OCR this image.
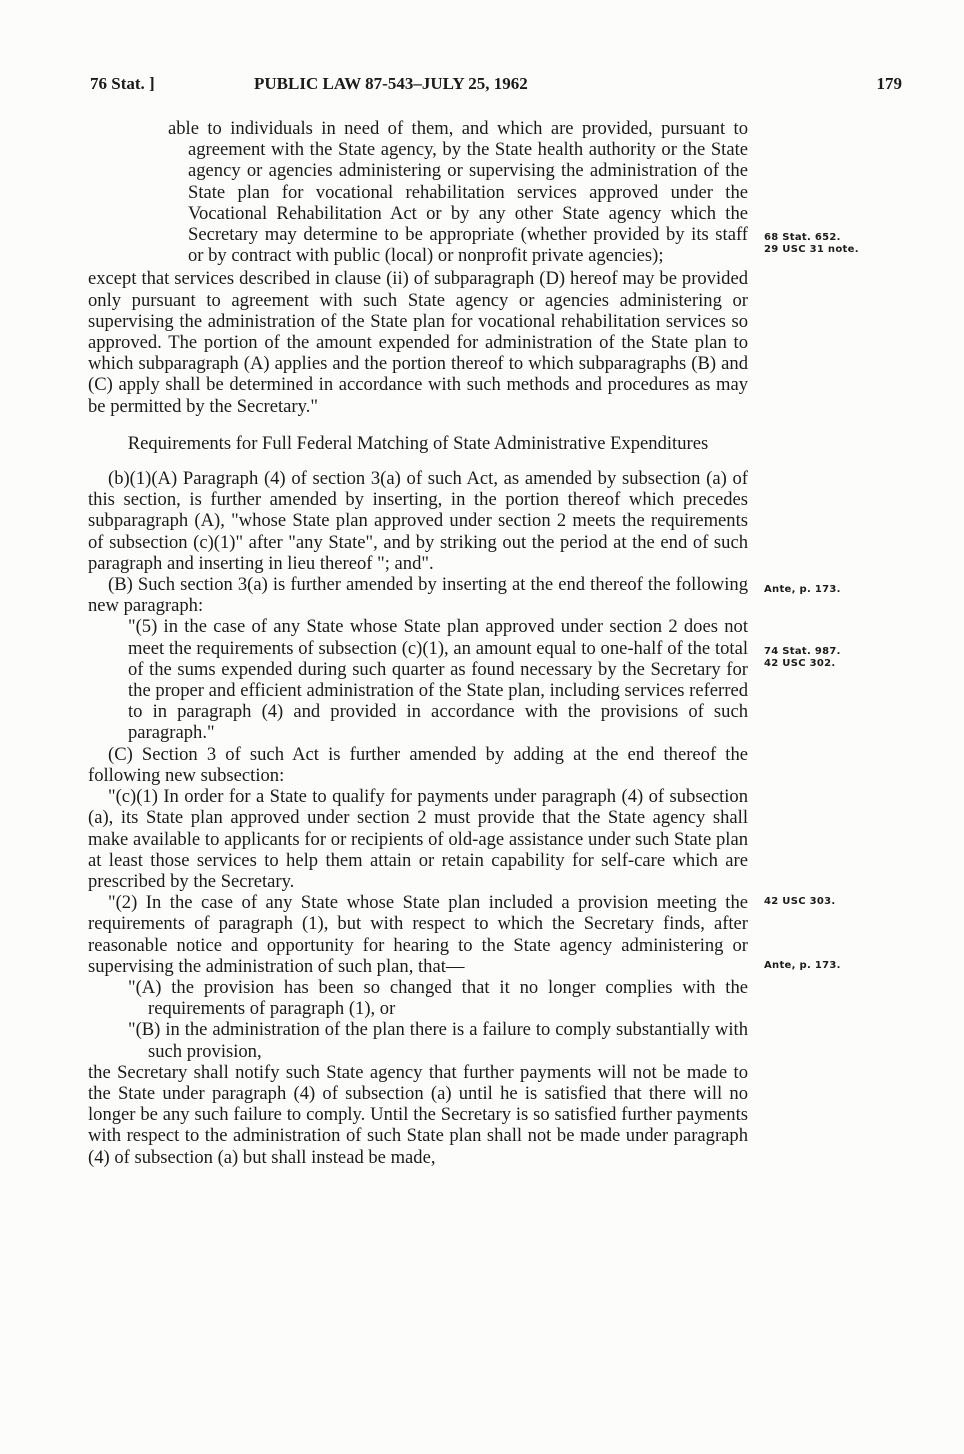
76 Stat. ]	PUBLIC LAW 87-543–JULY 25, 1962	179

able to individuals in need of them, and which are provided, pursuant to agreement with the State agency, by the State health authority or the State agency or agencies administering or supervising the administration of the State plan for vocational rehabilitation services approved under the Vocational Rehabilitation Act or by any other State agency which the Secretary may determine to be appropriate (whether provided by its staff or by contract with public (local) or nonprofit private agencies);

except that services described in clause (ii) of subparagraph (D) hereof may be provided only pursuant to agreement with such State agency or agencies administering or supervising the administration of the State plan for vocational rehabilitation services so approved. The portion of the amount expended for administration of the State plan to which subparagraph (A) applies and the portion thereof to which subparagraphs (B) and (C) apply shall be determined in accordance with such methods and procedures as may be permitted by the Secretary."

Requirements for Full Federal Matching of State Administrative Expenditures

(b)(1)(A) Paragraph (4) of section 3(a) of such Act, as amended by subsection (a) of this section, is further amended by inserting, in the portion thereof which precedes subparagraph (A), "whose State plan approved under section 2 meets the requirements of subsection (c)(1)" after "any State", and by striking out the period at the end of such paragraph and inserting in lieu thereof "; and".

(B) Such section 3(a) is further amended by inserting at the end thereof the following new paragraph:

"(5) in the case of any State whose State plan approved under section 2 does not meet the requirements of subsection (c)(1), an amount equal to one-half of the total of the sums expended during such quarter as found necessary by the Secretary for the proper and efficient administration of the State plan, including services referred to in paragraph (4) and provided in accordance with the provisions of such paragraph."

(C) Section 3 of such Act is further amended by adding at the end thereof the following new subsection:

"(c)(1) In order for a State to qualify for payments under paragraph (4) of subsection (a), its State plan approved under section 2 must provide that the State agency shall make available to applicants for or recipients of old-age assistance under such State plan at least those services to help them attain or retain capability for self-care which are prescribed by the Secretary.

"(2) In the case of any State whose State plan included a provision meeting the requirements of paragraph (1), but with respect to which the Secretary finds, after reasonable notice and opportunity for hearing to the State agency administering or supervising the administration of such plan, that—

"(A) the provision has been so changed that it no longer complies with the requirements of paragraph (1), or

"(B) in the administration of the plan there is a failure to comply substantially with such provision,

the Secretary shall notify such State agency that further payments will not be made to the State under paragraph (4) of subsection (a) until he is satisfied that there will no longer be any such failure to comply. Until the Secretary is so satisfied further payments with respect to the administration of such State plan shall not be made under paragraph (4) of subsection (a) but shall instead be made,

68 Stat. 652.
29 USC 31 note.
Ante, p. 173.
74 Stat. 987.
42 USC 302.
42 USC 303.
Ante, p. 173.
